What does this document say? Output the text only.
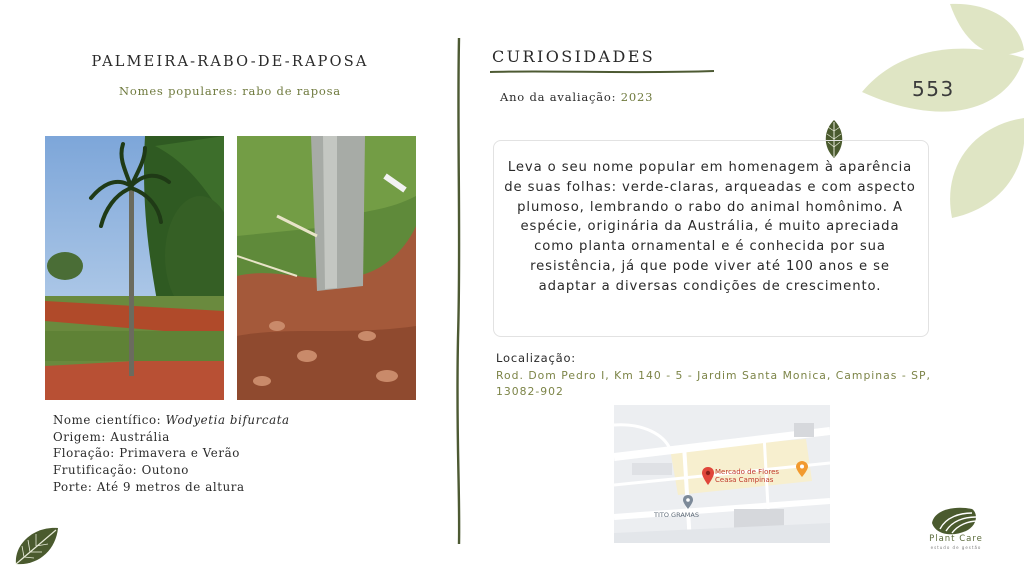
553
PALMEIRA-RABO-DE-RAPOSA
Nomes populares: rabo de raposa
Nome científico: Wodyetia bifurcata
Origem: Austrália
Floração: Primavera e Verão
Frutificação: Outono
Porte: Até 9 metros de altura
CURIOSIDADES
Ano da avaliação: 2023
Leva o seu nome popular em homenagem à aparência de suas folhas: verde-claras, arqueadas e com aspecto plumoso, lembrando o rabo do animal homônimo. A espécie, originária da Austrália, é muito apreciada como planta ornamental e é conhecida por sua resistência, já que pode viver até 100 anos e se adaptar a diversas condições de crescimento.
Localização:
Rod. Dom Pedro I, Km 140 - 5 - Jardim Santa Monica, Campinas - SP, 13082-902
Mercado de Flores
Ceasa Campinas
TITO GRAMAS
Plant Care
estudo de gestão
